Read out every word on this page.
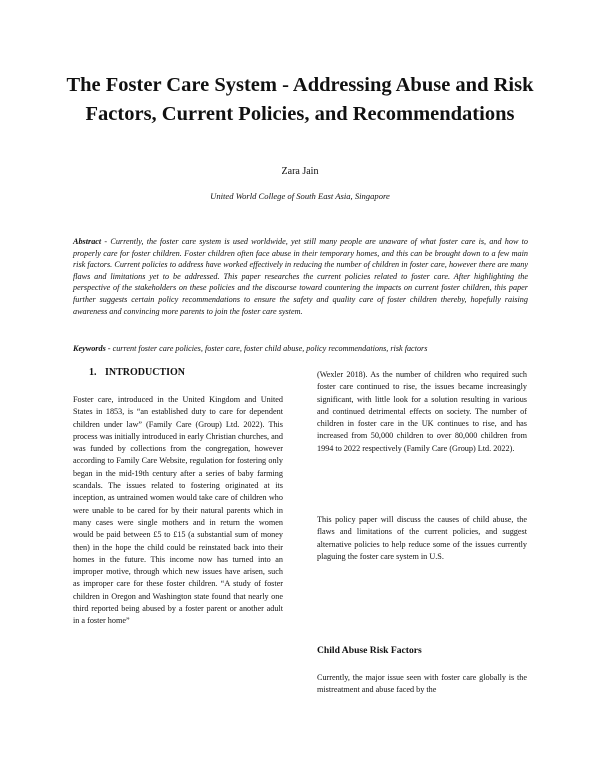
The Foster Care System - Addressing Abuse and Risk Factors, Current Policies, and Recommendations

Zara Jain

United World College of South East Asia, Singapore

Abstract - Currently, the foster care system is used worldwide, yet still many people are unaware of what foster care is, and how to properly care for foster children. Foster children often face abuse in their temporary homes, and this can be brought down to a few main risk factors. Current policies to address have worked effectively in reducing the number of children in foster care, however there are many flaws and limitations yet to be addressed. This paper researches the current policies related to foster care. After highlighting the perspective of the stakeholders on these policies and the discourse toward countering the impacts on current foster children, this paper further suggests certain policy recommendations to ensure the safety and quality care of foster children thereby, hopefully raising awareness and convincing more parents to join the foster care system.

Keywords - current foster care policies, foster care, foster child abuse, policy recommendations, risk factors

1. INTRODUCTION

Foster care, introduced in the United Kingdom and United States in 1853, is “an established duty to care for dependent children under law” (Family Care (Group) Ltd. 2022). This process was initially introduced in early Christian churches, and was funded by collections from the congregation, however according to Family Care Website, regulation for fostering only began in the mid-19th century after a series of baby farming scandals. The issues related to fostering originated at its inception, as untrained women would take care of children who were unable to be cared for by their natural parents which in many cases were single mothers and in return the women would be paid between £5 to £15 (a substantial sum of money then) in the hope the child could be reinstated back into their homes in the future. This income now has turned into an improper motive, through which new issues have arisen, such as improper care for these foster children. “A study of foster children in Oregon and Washington state found that nearly one third reported being abused by a foster parent or another adult in a foster home”

(Wexler 2018). As the number of children who required such foster care continued to rise, the issues became increasingly significant, with little look for a solution resulting in various and continued detrimental effects on society. The number of children in foster care in the UK continues to rise, and has increased from 50,000 children to over 80,000 children from 1994 to 2022 respectively (Family Care (Group) Ltd. 2022).

This policy paper will discuss the causes of child abuse, the flaws and limitations of the current policies, and suggest alternative policies to help reduce some of the issues currently plaguing the foster care system in U.S.

Child Abuse Risk Factors

Currently, the major issue seen with foster care globally is the mistreatment and abuse faced by the
